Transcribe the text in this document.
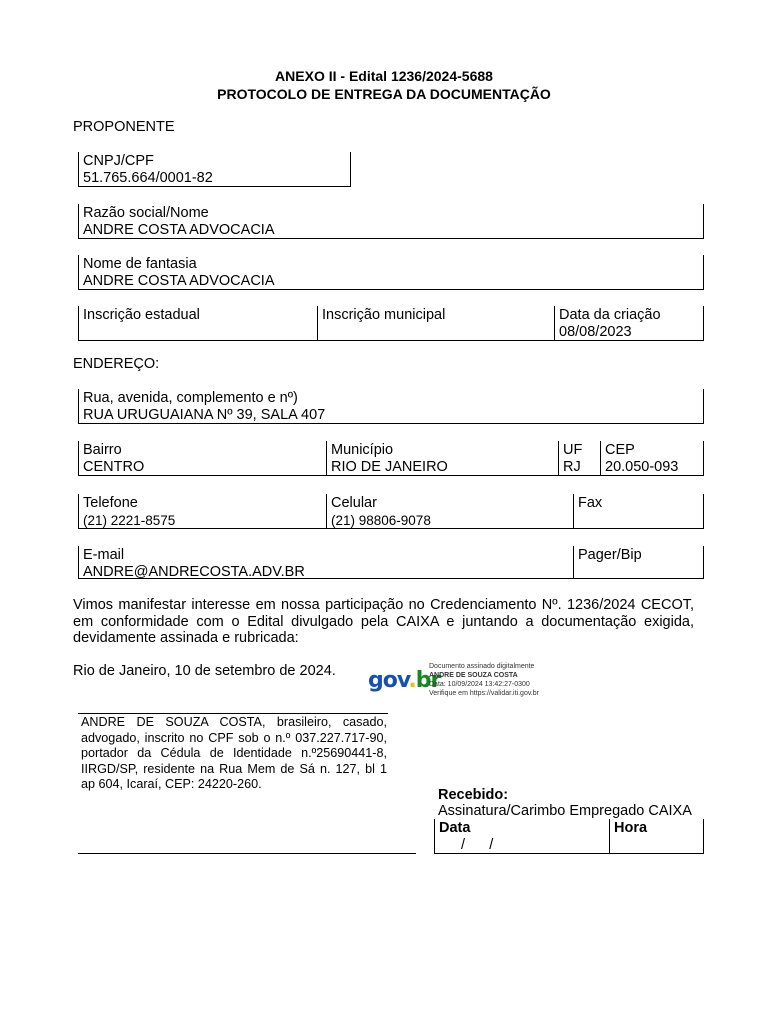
ANEXO II - Edital 1236/2024-5688
PROTOCOLO DE ENTREGA DA DOCUMENTAÇÃO
PROPONENTE
CNPJ/CPF
51.765.664/0001-82
Razão social/Nome
ANDRE COSTA ADVOCACIA
Nome de fantasia
ANDRE COSTA ADVOCACIA
Inscrição estadual	Inscrição municipal	Data da criação
08/08/2023
ENDEREÇO:
Rua, avenida, complemento e nº)
RUA URUGUAIANA Nº 39, SALA 407
Bairro
CENTRO
Município
RIO DE JANEIRO
UF
RJ
CEP
20.050-093
Telefone
(21) 2221-8575
Celular
(21) 98806-9078
Fax
E-mail
ANDRE@ANDRECOSTA.ADV.BR
Pager/Bip
Vimos manifestar interesse em nossa participação no Credenciamento Nº. 1236/2024 CECOT, em conformidade com o Edital divulgado pela CAIXA e juntando a documentação exigida, devidamente assinada e rubricada:
Rio de Janeiro, 10 de setembro de 2024. gov.br
Documento assinado digitalmente
ANDRE DE SOUZA COSTA
Data: 10/09/2024 13:42:27-0300
Verifique em https://validar.iti.gov.br
ANDRE DE SOUZA COSTA, brasileiro, casado, advogado, inscrito no CPF sob o n.º 037.227.717-90, portador da Cédula de Identidade n.º25690441-8, IIRGD/SP, residente na Rua Mem de Sá n. 127, bl 1 ap 604, Icaraí, CEP: 24220-260.
Recebido:
Assinatura/Carimbo Empregado CAIXA
Data
/      /
Hora
